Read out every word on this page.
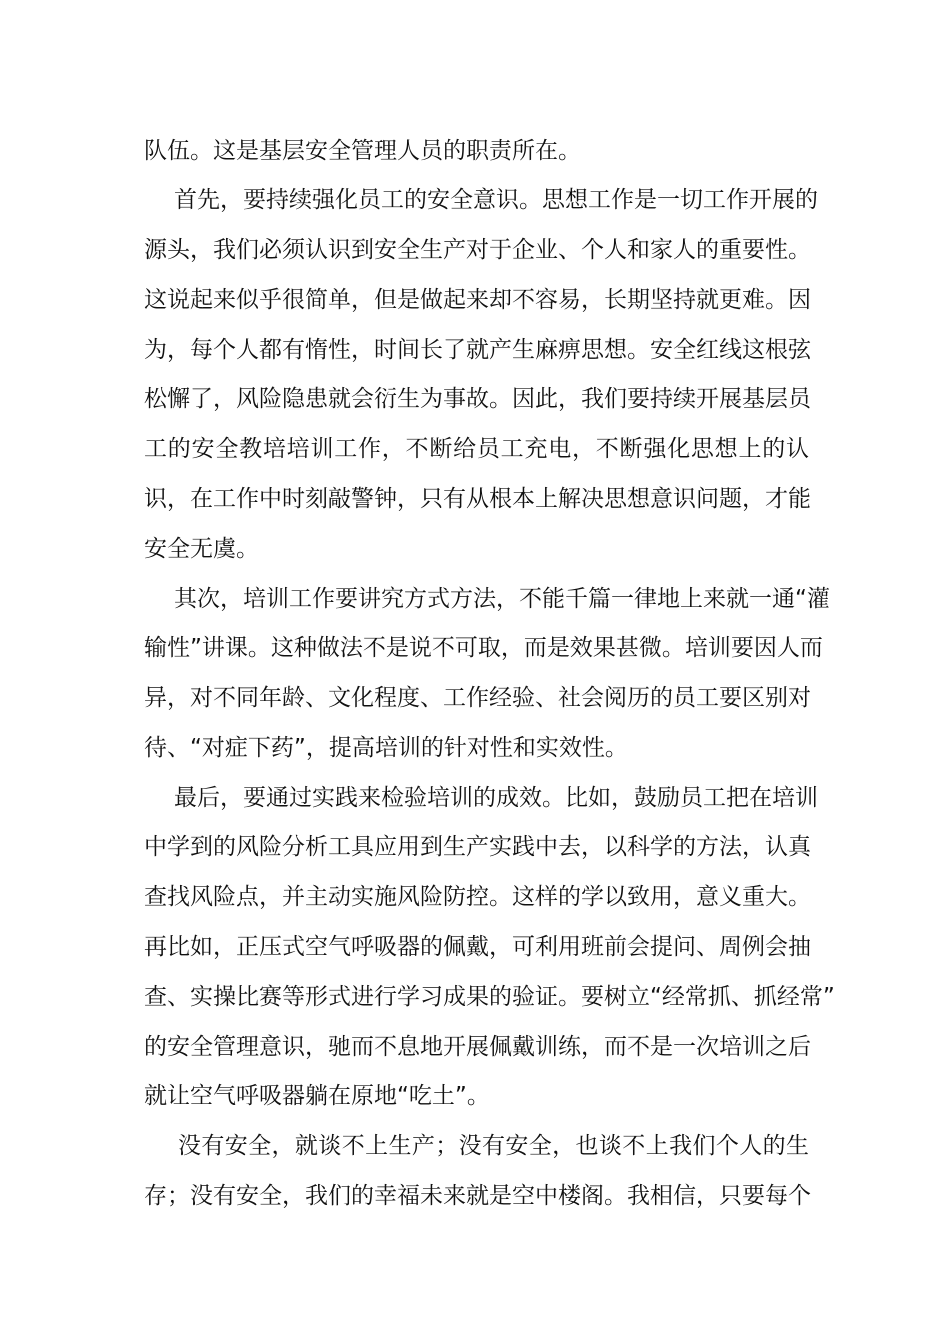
队伍。这是基层安全管理人员的职责所在。
首先，要持续强化员工的安全意识。思想工作是一切工作开展的
源头，我们必须认识到安全生产对于企业、个人和家人的重要性。
这说起来似乎很简单，但是做起来却不容易，长期坚持就更难。因
为，每个人都有惰性，时间长了就产生麻痹思想。安全红线这根弦
松懈了，风险隐患就会衍生为事故。因此，我们要持续开展基层员
工的安全教培培训工作，不断给员工充电，不断强化思想上的认
识，在工作中时刻敲警钟，只有从根本上解决思想意识问题，才能
安全无虞。
其次，培训工作要讲究方式方法，不能千篇一律地上来就一通“灌
输性”讲课。这种做法不是说不可取，而是效果甚微。培训要因人而
异，对不同年龄、文化程度、工作经验、社会阅历的员工要区别对
待、“对症下药”，提高培训的针对性和实效性。
最后，要通过实践来检验培训的成效。比如，鼓励员工把在培训
中学到的风险分析工具应用到生产实践中去，以科学的方法，认真
查找风险点，并主动实施风险防控。这样的学以致用，意义重大。
再比如，正压式空气呼吸器的佩戴，可利用班前会提问、周例会抽
查、实操比赛等形式进行学习成果的验证。要树立“经常抓、抓经常”
的安全管理意识，驰而不息地开展佩戴训练，而不是一次培训之后
就让空气呼吸器躺在原地“吃土”。
没有安全，就谈不上生产；没有安全，也谈不上我们个人的生
存；没有安全，我们的幸福未来就是空中楼阁。我相信，只要每个
